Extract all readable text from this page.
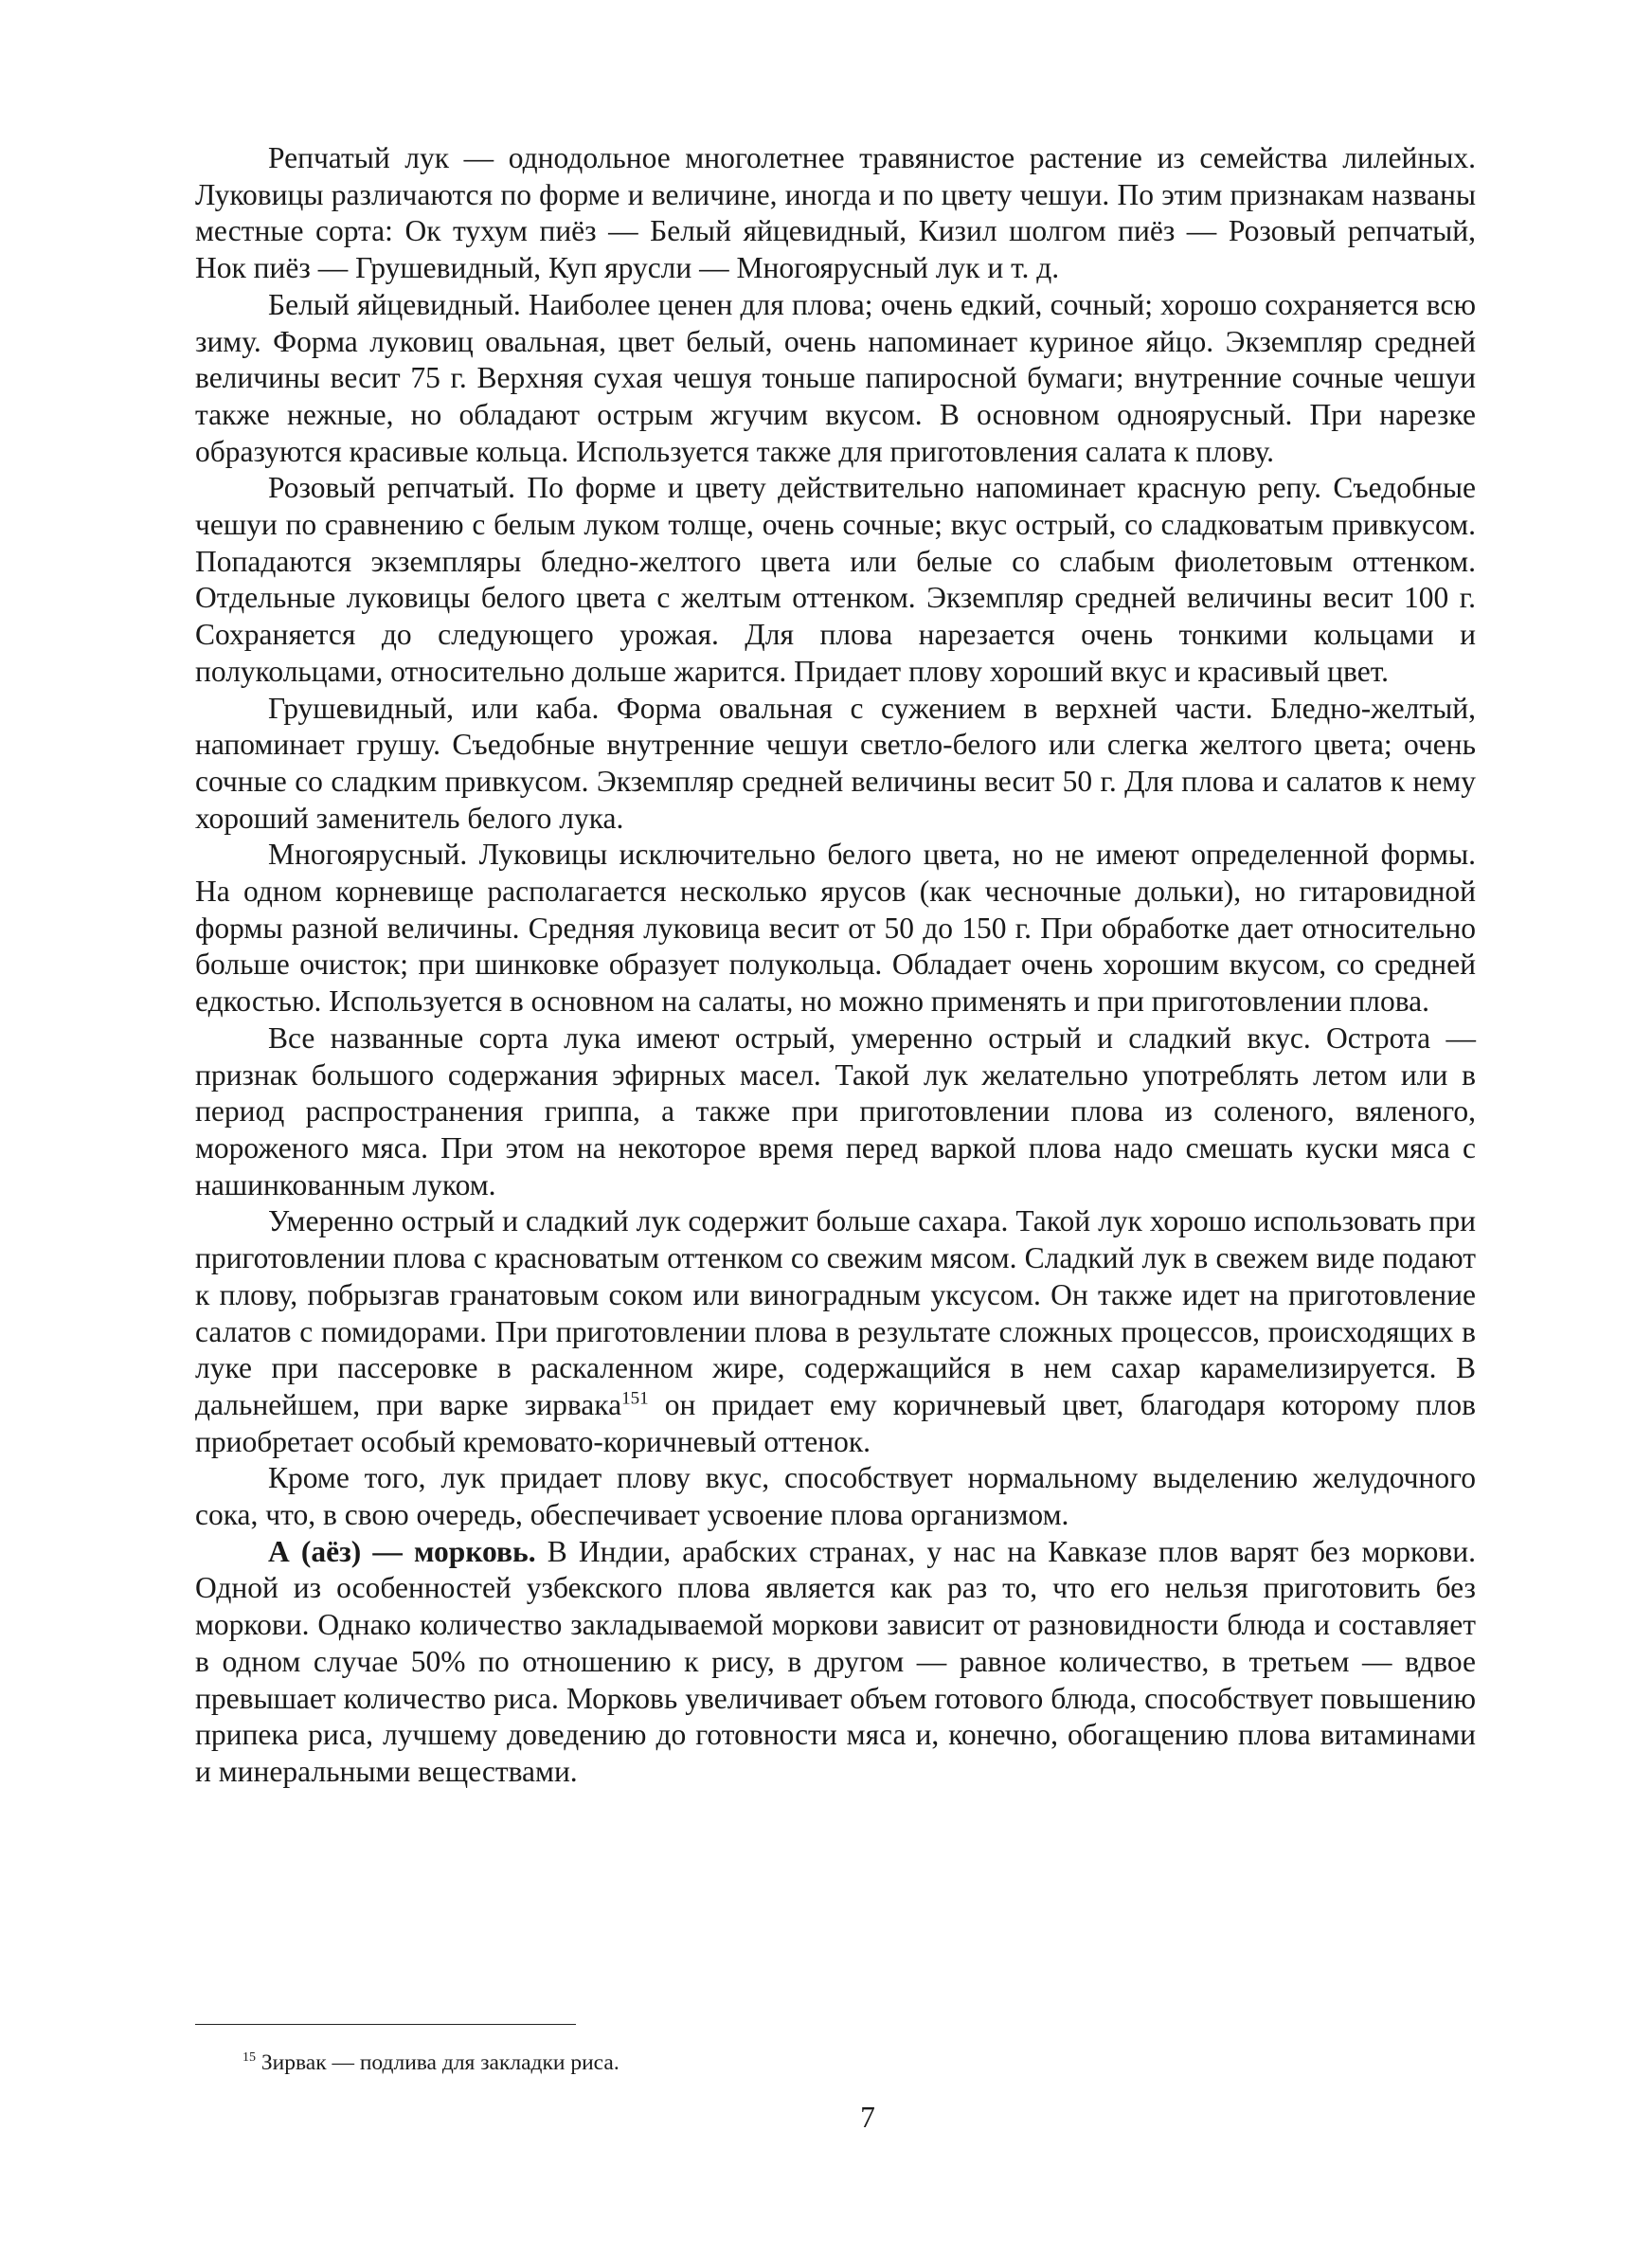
Репчатый лук — однодольное многолетнее травянистое растение из семейства лилейных. Луковицы различаются по форме и величине, иногда и по цвету чешуи. По этим признакам названы местные сорта: Ок тухум пиёз — Белый яйцевидный, Кизил шолгом пиёз — Розовый репчатый, Нок пиёз — Грушевидный, Куп ярусли — Многоярусный лук и т. д.

Белый яйцевидный. Наиболее ценен для плова; очень едкий, сочный; хорошо сохраняется всю зиму. Форма луковиц овальная, цвет белый, очень напоминает куриное яйцо. Экземпляр средней величины весит 75 г. Верхняя сухая чешуя тоньше папиросной бумаги; внутренние сочные чешуи также нежные, но обладают острым жгучим вкусом. В основном одноярусный. При нарезке образуются красивые кольца. Используется также для приготовления салата к плову.

Розовый репчатый. По форме и цвету действительно напоминает красную репу. Съедобные чешуи по сравнению с белым луком толще, очень сочные; вкус острый, со сладковатым привкусом. Попадаются экземпляры бледно-желтого цвета или белые со слабым фиолетовым оттенком. Отдельные луковицы белого цвета с желтым оттенком. Экземпляр средней величины весит 100 г. Сохраняется до следующего урожая. Для плова нарезается очень тонкими кольцами и полукольцами, относительно дольше жарится. Придает плову хороший вкус и красивый цвет.

Грушевидный, или каба. Форма овальная с сужением в верхней части. Бледно-желтый, напоминает грушу. Съедобные внутренние чешуи светло-белого или слегка желтого цвета; очень сочные со сладким привкусом. Экземпляр средней величины весит 50 г. Для плова и салатов к нему хороший заменитель белого лука.

Многоярусный. Луковицы исключительно белого цвета, но не имеют определенной формы. На одном корневище располагается несколько ярусов (как чесночные дольки), но гитаровидной формы разной величины. Средняя луковица весит от 50 до 150 г. При обработке дает относительно больше очисток; при шинковке образует полукольца. Обладает очень хорошим вкусом, со средней едкостью. Используется в основном на салаты, но можно применять и при приготовлении плова.

Все названные сорта лука имеют острый, умеренно острый и сладкий вкус. Острота — признак большого содержания эфирных масел. Такой лук желательно употреблять летом или в период распространения гриппа, а также при приготовлении плова из соленого, вяленого, мороженого мяса. При этом на некоторое время перед варкой плова надо смешать куски мяса с нашинкованным луком.

Умеренно острый и сладкий лук содержит больше сахара. Такой лук хорошо использовать при приготовлении плова с красноватым оттенком со свежим мясом. Сладкий лук в свежем виде подают к плову, побрызгав гранатовым соком или виноградным уксусом. Он также идет на приготовление салатов с помидорами. При приготовлении плова в результате сложных процессов, происходящих в луке при пассеровке в раскаленном жире, содержащийся в нем сахар карамелизируется. В дальнейшем, при варке зирвака$^{151}$ он придает ему коричневый цвет, благодаря которому плов приобретает особый кремовато-коричневый оттенок.

Кроме того, лук придает плову вкус, способствует нормальному выделению желудочного сока, что, в свою очередь, обеспечивает усвоение плова организмом.

А (аёз) — морковь. В Индии, арабских странах, у нас на Кавказе плов варят без моркови. Одной из особенностей узбекского плова является как раз то, что его нельзя приготовить без моркови. Однако количество закладываемой моркови зависит от разновидности блюда и составляет в одном случае 50% по отношению к рису, в другом — равное количество, в третьем — вдвое превышает количество риса. Морковь увеличивает объем готового блюда, способствует повышению припека риса, лучшему доведению до готовности мяса и, конечно, обогащению плова витаминами и минеральными веществами.

$^{15}$ Зирвак — подлива для закладки риса.

7
